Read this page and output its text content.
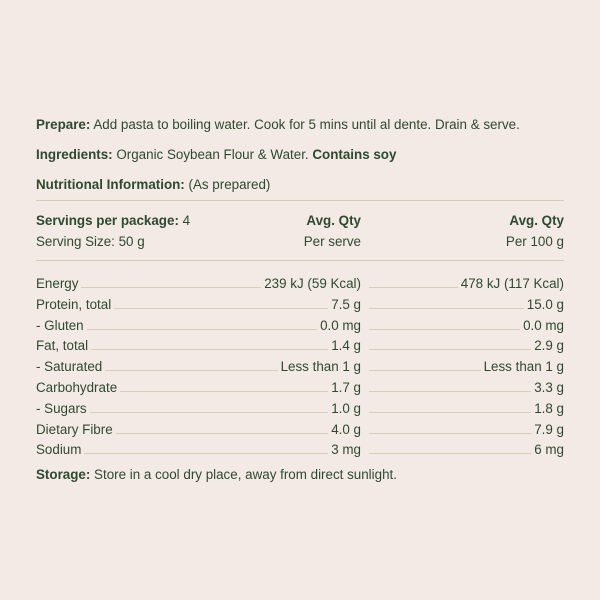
Prepare: Add pasta to boiling water. Cook for 5 mins until al dente. Drain & serve.

Ingredients: Organic Soybean Flour & Water. Contains soy

Nutritional Information: (As prepared)

Servings per package: 4	Avg. Qty	Avg. Qty
Serving Size: 50 g	Per serve	Per 100 g
Energy	239 kJ (59 Kcal)	478 kJ (117 Kcal)
Protein, total	7.5 g	15.0 g
- Gluten	0.0 mg	0.0 mg
Fat, total	1.4 g	2.9 g
- Saturated	Less than 1 g	Less than 1 g
Carbohydrate	1.7 g	3.3 g
- Sugars	1.0 g	1.8 g
Dietary Fibre	4.0 g	7.9 g
Sodium	3 mg	6 mg

Storage: Store in a cool dry place, away from direct sunlight.
